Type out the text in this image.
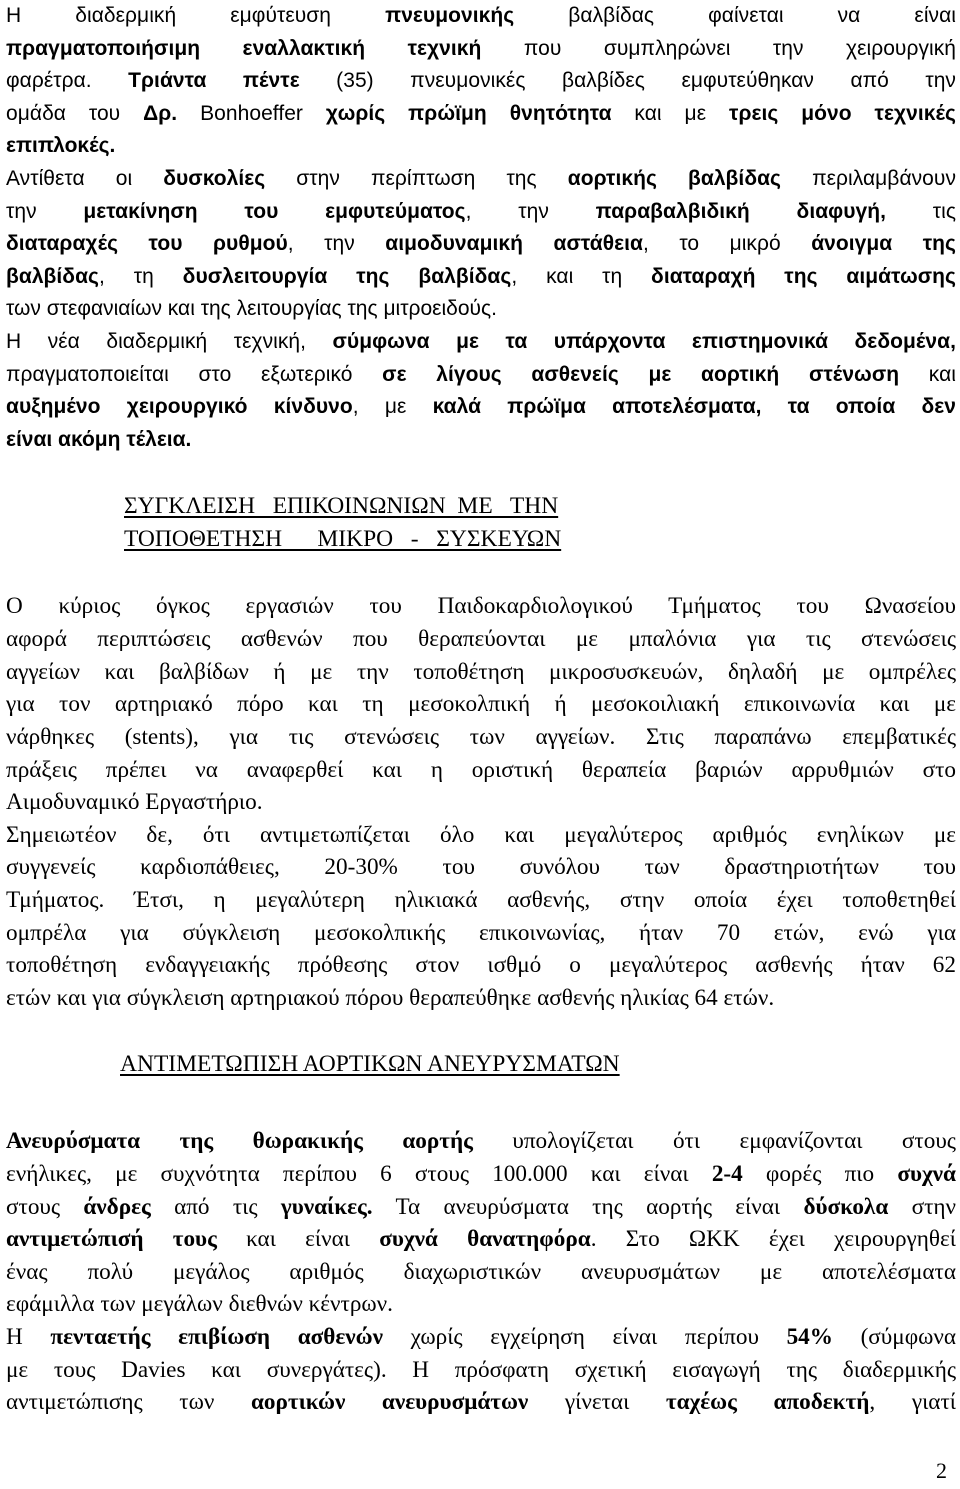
Η διαδερμική εμφύτευση πνευμονικής βαλβίδας φαίνεται να είναι
πραγματοποιήσιμη εναλλακτική τεχνική που συμπληρώνει την χειρουργική
φαρέτρα. Τριάντα πέντε (35) πνευμονικές βαλβίδες εμφυτεύθηκαν από την
ομάδα του Δρ. Bonhoeffer χωρίς πρώϊμη θνητότητα και με τρεις μόνο τεχνικές
επιπλοκές.
Αντίθετα οι δυσκολίες στην περίπτωση της αορτικής βαλβίδας περιλαμβάνουν
την μετακίνηση του εμφυτεύματος, την παραβαλβιδική διαφυγή, τις
διαταραχές του ρυθμού, την αιμοδυναμική αστάθεια, το μικρό άνοιγμα της
βαλβίδας, τη δυσλειτουργία της βαλβίδας, και τη διαταραχή της αιμάτωσης
των στεφανιαίων και της λειτουργίας της μιτροειδούς.
Η νέα διαδερμική τεχνική, σύμφωνα με τα υπάρχοντα επιστημονικά δεδομένα,
πραγματοποιείται στο εξωτερικό σε λίγους ασθενείς με αορτική στένωση και
αυξημένο χειρουργικό κίνδυνο, με καλά πρώϊμα αποτελέσματα, τα οποία δεν
είναι ακόμη τέλεια.
ΣΥΓΚΛΕΙΣΗ   ΕΠΙΚΟΙΝΩΝΙΩΝ  ΜΕ   ΤΗΝ
ΤΟΠΟΘΕΤΗΣΗ      ΜΙΚΡΟ   -   ΣΥΣΚΕΥΩΝ
Ο κύριος όγκος εργασιών του Παιδοκαρδιολογικού Τμήματος του Ωνασείου
αφορά περιπτώσεις ασθενών που θεραπεύονται με μπαλόνια για τις στενώσεις
αγγείων και βαλβίδων ή με την τοποθέτηση μικροσυσκευών, δηλαδή με ομπρέλες
για τον αρτηριακό πόρο και τη μεσοκολπική ή μεσοκοιλιακή επικοινωνία και με
νάρθηκες (stents), για τις στενώσεις των αγγείων. Στις παραπάνω επεμβατικές
πράξεις πρέπει να αναφερθεί και η οριστική θεραπεία βαριών αρρυθμιών στο
Αιμοδυναμικό Εργαστήριο.
Σημειωτέον δε, ότι αντιμετωπίζεται όλο και μεγαλύτερος αριθμός ενηλίκων με
συγγενείς καρδιοπάθειες, 20-30% του συνόλου των δραστηριοτήτων του
Τμήματος. Έτσι, η μεγαλύτερη ηλικιακά ασθενής, στην οποία έχει τοποθετηθεί
ομπρέλα για σύγκλειση μεσοκολπικής επικοινωνίας, ήταν 70 ετών, ενώ για
τοποθέτηση ενδαγγειακής πρόθεσης στον ισθμό ο μεγαλύτερος ασθενής ήταν 62
ετών και για σύγκλειση αρτηριακού πόρου θεραπεύθηκε ασθενής ηλικίας 64 ετών.
ΑΝΤΙΜΕΤΩΠΙΣΗ ΑΟΡΤΙΚΩΝ ΑΝΕΥΡΥΣΜΑΤΩΝ
Ανευρύσματα της θωρακικής αορτής υπολογίζεται ότι εμφανίζονται στους
ενήλικες, με συχνότητα περίπου 6 στους 100.000 και είναι 2-4 φορές πιο συχνά
στους άνδρες από τις γυναίκες. Τα ανευρύσματα της αορτής είναι δύσκολα στην
αντιμετώπισή τους και είναι συχνά θανατηφόρα. Στο ΩΚΚ έχει χειρουργηθεί
ένας πολύ μεγάλος αριθμός διαχωριστικών ανευρυσμάτων με αποτελέσματα
εφάμιλλα των μεγάλων διεθνών κέντρων.
Η πενταετής επιβίωση ασθενών χωρίς εγχείρηση είναι περίπου 54% (σύμφωνα
με τους Davies και συνεργάτες). Η πρόσφατη σχετική εισαγωγή της διαδερμικής
αντιμετώπισης των αορτικών ανευρυσμάτων γίνεται ταχέως αποδεκτή, γιατί
2
